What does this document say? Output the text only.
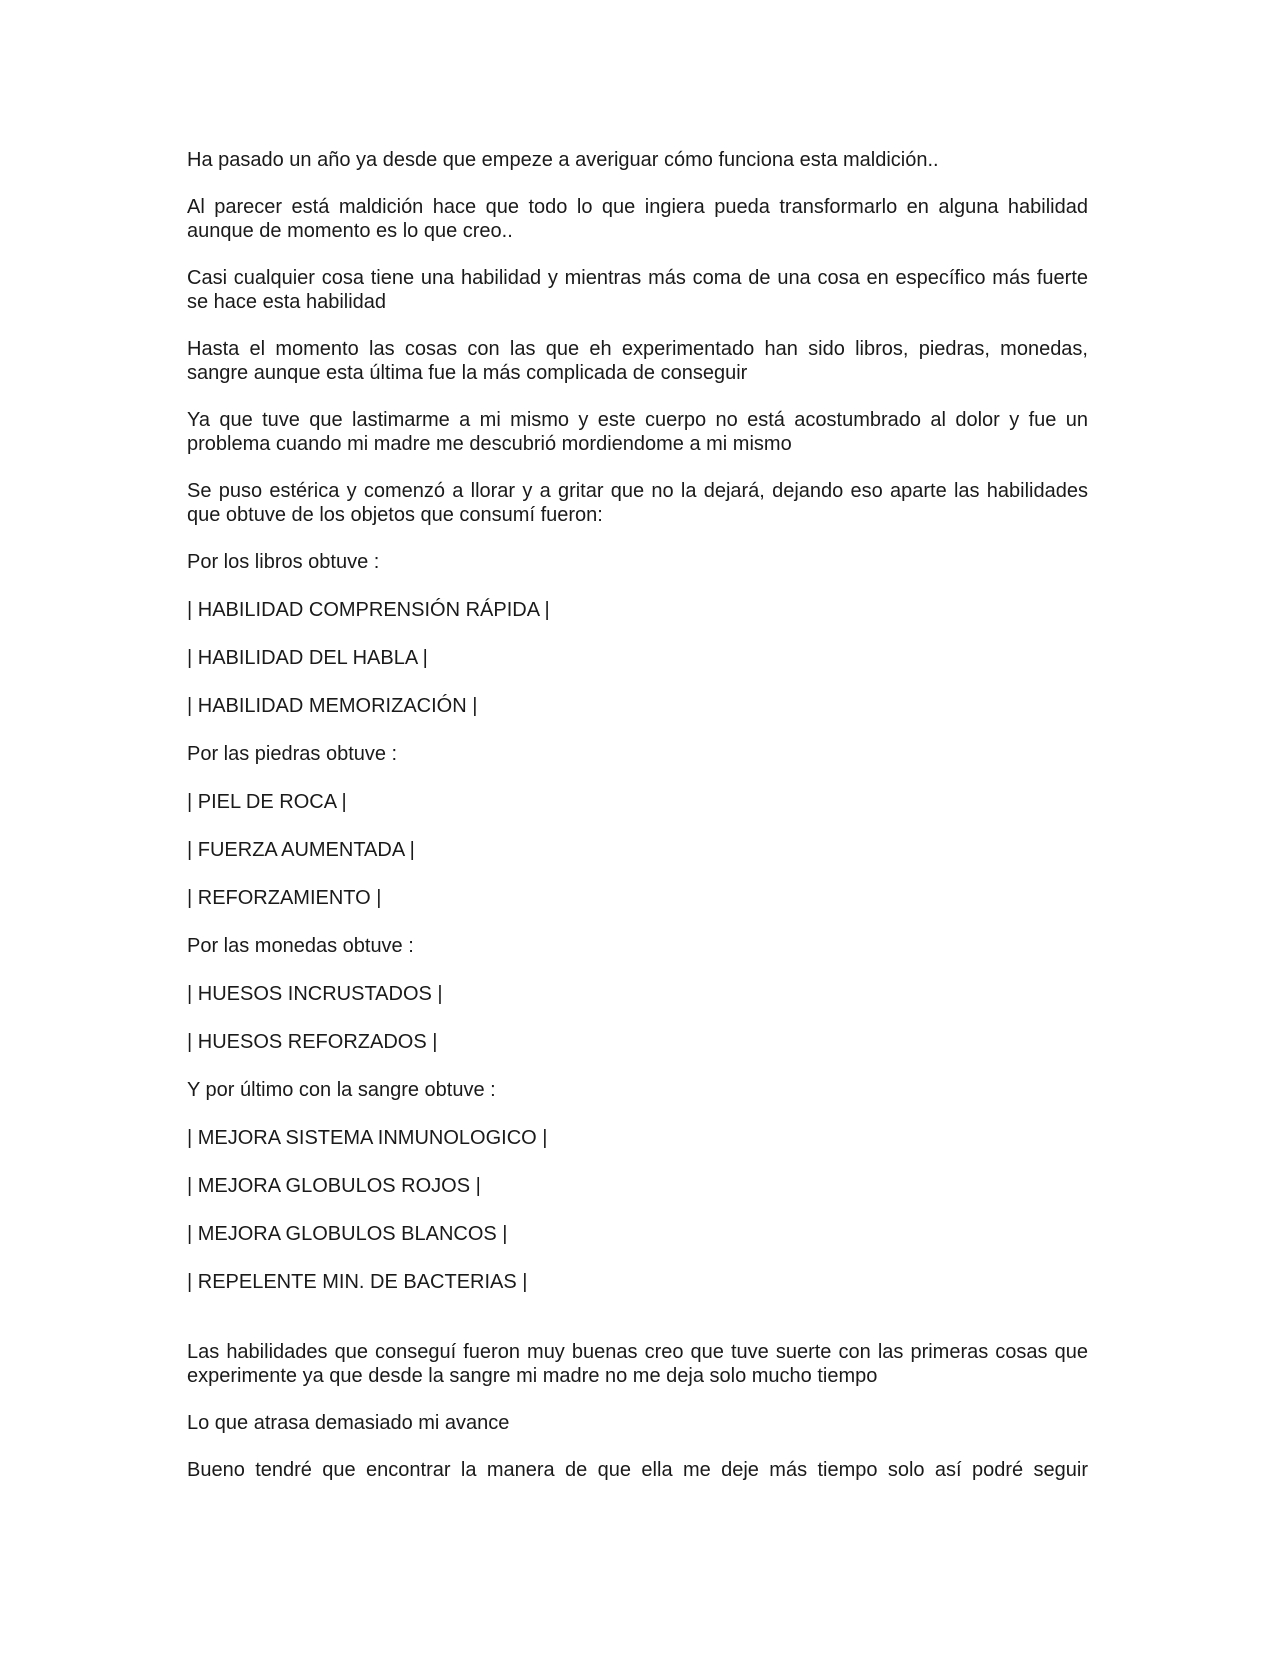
Ha pasado un año ya desde que empeze a averiguar cómo funciona esta maldición..

Al parecer está maldición hace que todo lo que ingiera pueda transformarlo en alguna habilidad aunque de momento es lo que creo..

Casi cualquier cosa tiene una habilidad y mientras más coma de una cosa en específico más fuerte se hace esta habilidad

Hasta el momento las cosas con las que eh experimentado han sido libros, piedras, monedas, sangre aunque esta última fue la más complicada de conseguir

Ya que tuve que lastimarme a mi mismo y este cuerpo no está acostumbrado al dolor y fue un problema cuando mi madre me descubrió mordiendome a mi mismo

Se puso estérica y comenzó a llorar y a gritar que no la dejará, dejando eso aparte las habilidades que obtuve de los objetos que consumí fueron:

Por los libros obtuve :

| HABILIDAD COMPRENSIÓN RÁPIDA |

| HABILIDAD DEL HABLA |

| HABILIDAD MEMORIZACIÓN |

Por las piedras obtuve :

| PIEL DE ROCA |

| FUERZA AUMENTADA |

| REFORZAMIENTO |

Por las monedas obtuve :

| HUESOS INCRUSTADOS |

| HUESOS REFORZADOS |

Y por último con la sangre obtuve :

| MEJORA SISTEMA INMUNOLOGICO |

| MEJORA GLOBULOS ROJOS |

| MEJORA GLOBULOS BLANCOS |

| REPELENTE MIN. DE BACTERIAS |

Las habilidades que conseguí fueron muy buenas creo que tuve suerte con las primeras cosas que experimente ya que desde la sangre mi madre no me deja solo mucho tiempo

Lo que atrasa demasiado mi avance

Bueno tendré que encontrar la manera de que ella me deje más tiempo solo así podré seguir
